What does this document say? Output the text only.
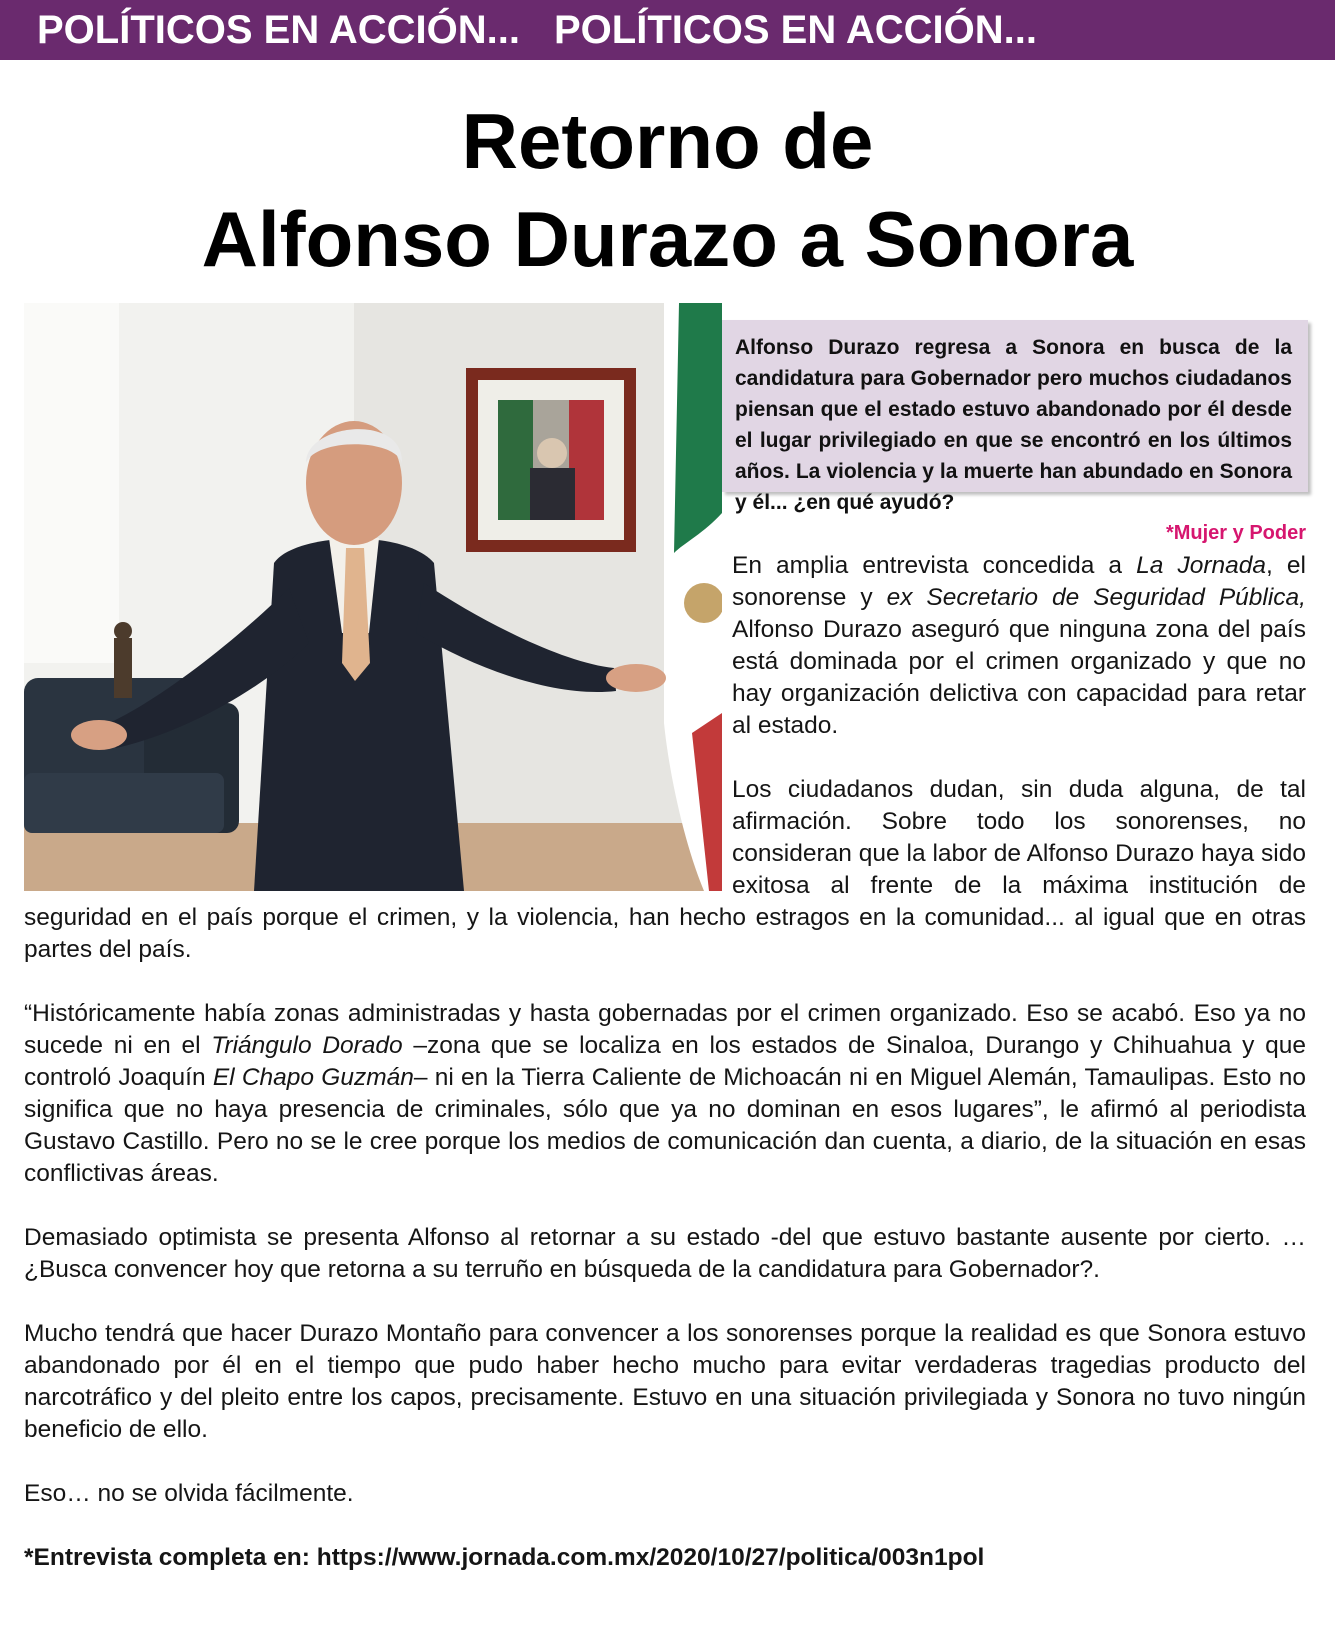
POLÍTICOS EN ACCIÓN... POLÍTICOS EN ACCIÓN...
Retorno de
Alfonso Durazo a Sonora
Alfonso Durazo regresa a Sonora en busca de la candidatura para Gobernador pero muchos ciudadanos piensan que el estado estuvo abandonado por él desde el lugar privilegiado en que se encontró en los últimos años. La violencia y la muerte han abundado en Sonora y él... ¿en qué ayudó?
*Mujer y Poder

En amplia entrevista concedida a La Jornada, el sonorense y ex Secretario de Seguridad Pública, Alfonso Durazo aseguró que ninguna zona del país está dominada por el crimen organizado y que no hay organización delictiva con capacidad para retar al estado.

Los ciudadanos dudan, sin duda alguna, de tal afirmación. Sobre todo los sonorenses, no consideran que la labor de Alfonso Durazo haya sido exitosa al frente de la máxima institución de seguridad en el país porque el crimen, y la violencia, han hecho estragos en la comunidad... al igual que en otras partes del país.

“Históricamente había zonas administradas y hasta gobernadas por el crimen organizado. Eso se acabó. Eso ya no sucede ni en el Triángulo Dorado –zona que se localiza en los estados de Sinaloa, Durango y Chihuahua y que controló Joaquín El Chapo Guzmán– ni en la Tierra Caliente de Michoacán ni en Miguel Alemán, Tamaulipas. Esto no significa que no haya presencia de criminales, sólo que ya no dominan en esos lugares”, le afirmó al periodista Gustavo Castillo. Pero no se le cree porque los medios de comunicación dan cuenta, a diario, de la situación en esas conflictivas áreas.

Demasiado optimista se presenta Alfonso al retornar a su estado -del que estuvo bastante ausente por cierto. …¿Busca convencer hoy que retorna a su terruño en búsqueda de la candidatura para Gobernador?.

Mucho tendrá que hacer Durazo Montaño para convencer a los sonorenses porque la realidad es que Sonora estuvo abandonado por él en el tiempo que pudo haber hecho mucho para evitar verdaderas tragedias producto del narcotráfico y del pleito entre los capos, precisamente. Estuvo en una situación privilegiada y Sonora no tuvo ningún beneficio de ello.

Eso… no se olvida fácilmente.

*Entrevista completa en: https://www.jornada.com.mx/2020/10/27/politica/003n1pol
